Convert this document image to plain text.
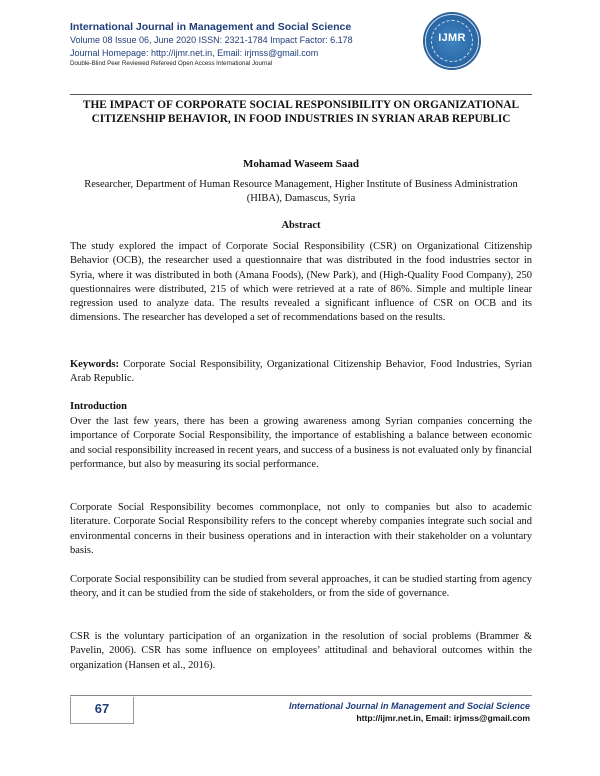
International Journal in Management and Social Science

Volume 08 Issue 06, June 2020 ISSN: 2321-1784 Impact Factor: 6.178

Journal Homepage: http://ijmr.net.in, Email: irjmss@gmail.com

Double-Blind Peer Reviewed Refereed Open Access International Journal

IJMR
THE IMPACT OF CORPORATE SOCIAL RESPONSIBILITY ON ORGANIZATIONAL CITIZENSHIP BEHAVIOR, IN FOOD INDUSTRIES IN SYRIAN ARAB REPUBLIC

Mohamad Waseem Saad

Researcher, Department of Human Resource Management, Higher Institute of Business Administration (HIBA), Damascus, Syria

Abstract

The study explored the impact of Corporate Social Responsibility (CSR) on Organizational Citizenship Behavior (OCB), the researcher used a questionnaire that was distributed in the food industries sector in Syria, where it was distributed in both (Amana Foods), (New Park), and (High-Quality Food Company), 250 questionnaires were distributed, 215 of which were retrieved at a rate of 86%. Simple and multiple linear regression used to analyze data. The results revealed a significant influence of CSR on OCB and its dimensions. The researcher has developed a set of recommendations based on the results.

Keywords: Corporate Social Responsibility, Organizational Citizenship Behavior, Food Industries, Syrian Arab Republic.

Introduction

Over the last few years, there has been a growing awareness among Syrian companies concerning the importance of Corporate Social Responsibility, the importance of establishing a balance between economic and social responsibility increased in recent years, and success of a business is not evaluated only by financial performance, but also by measuring its social performance.

Corporate Social Responsibility becomes commonplace, not only to companies but also to academic literature. Corporate Social Responsibility refers to the concept whereby companies integrate such social and environmental concerns in their business operations and in interaction with their stakeholder on a voluntary basis.

Corporate Social responsibility can be studied from several approaches, it can be studied starting from agency theory, and it can be studied from the side of stakeholders, or from the side of governance.

CSR is the voluntary participation of an organization in the resolution of social problems (Brammer & Pavelin, 2006). CSR has some influence on employees’ attitudinal and behavioral outcomes within the organization (Hansen et al., 2016).

67	International Journal in Management and Social Science

http://ijmr.net.in, Email: irjmss@gmail.com
